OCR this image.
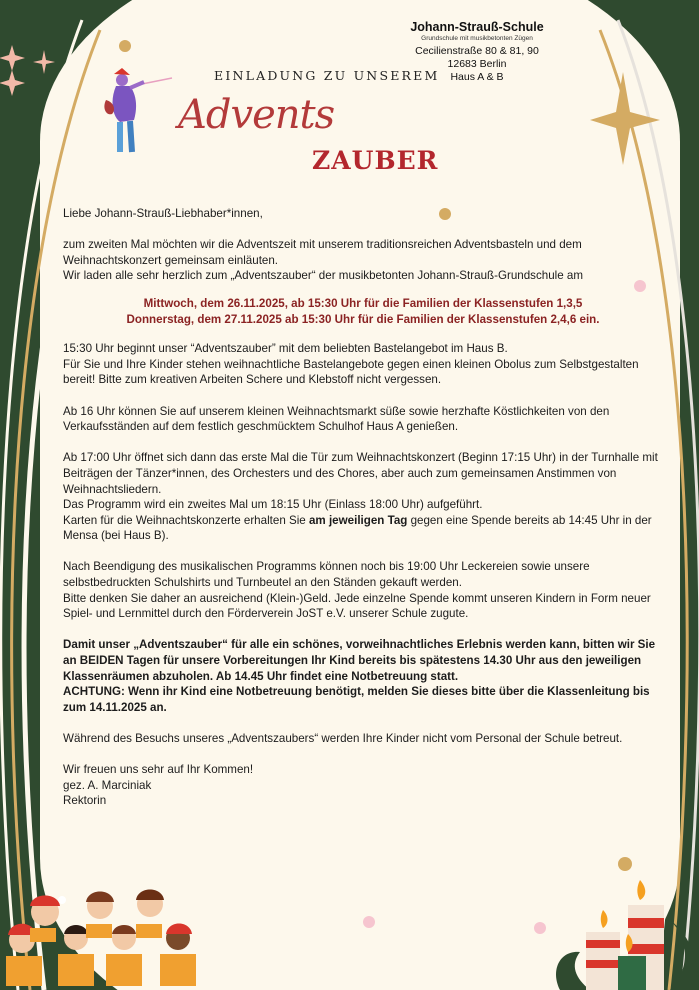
Johann-Strauß-Schule
Grundschule mit musikbetonten Zügen
Cecilienstraße 80 & 81, 90
12683 Berlin
Haus A & B
EINLADUNG ZU UNSEREM
Advents
ZAUBER

Liebe Johann-Strauß-Liebhaber*innen,

zum zweiten Mal möchten wir die Adventszeit mit unserem traditionsreichen Adventsbasteln und dem Weihnachtskonzert gemeinsam einläuten.

Wir laden alle sehr herzlich zum „Adventszauber“ der musikbetonten Johann-Strauß-Grundschule am

Mittwoch, dem 26.11.2025, ab 15:30 Uhr für die Familien der Klassenstufen 1,3,5

Donnerstag, dem 27.11.2025 ab 15:30 Uhr für die Familien der Klassenstufen 2,4,6 ein.

15:30 Uhr beginnt unser “Adventszauber” mit dem beliebten Bastelangebot im Haus B.

Für Sie und Ihre Kinder stehen weihnachtliche Bastelangebote gegen einen kleinen Obolus zum Selbstgestalten bereit! Bitte zum kreativen Arbeiten Schere und Klebstoff nicht vergessen.

Ab 16 Uhr können Sie auf unserem kleinen Weihnachtsmarkt süße sowie herzhafte Köstlichkeiten von den Verkaufsständen auf dem festlich geschmücktem Schulhof Haus A genießen.

Ab 17:00 Uhr öffnet sich dann das erste Mal die Tür zum Weihnachtskonzert (Beginn 17:15 Uhr) in der Turnhalle mit Beiträgen der Tänzer*innen, des Orchesters und des Chores, aber auch zum gemeinsamen Anstimmen von Weihnachtsliedern.

Das Programm wird ein zweites Mal um 18:15 Uhr (Einlass 18:00 Uhr) aufgeführt.

Karten für die Weihnachtskonzerte erhalten Sie am jeweiligen Tag gegen eine Spende bereits ab 14:45 Uhr in der Mensa (bei Haus B).

Nach Beendigung des musikalischen Programms können noch bis 19:00 Uhr Leckereien sowie unsere selbstbedruckten Schulshirts und Turnbeutel an den Ständen gekauft werden.

Bitte denken Sie daher an ausreichend (Klein-)Geld. Jede einzelne Spende kommt unseren Kindern in Form neuer Spiel- und Lernmittel durch den Förderverein JoST e.V. unserer Schule zugute.

Damit unser „Adventszauber“ für alle ein schönes, vorweihnachtliches Erlebnis werden kann, bitten wir Sie an BEIDEN Tagen für unsere Vorbereitungen Ihr Kind bereits bis spätestens 14.30 Uhr aus den jeweiligen Klassenräumen abzuholen. Ab 14.45 Uhr findet eine Notbetreuung statt.

ACHTUNG: Wenn ihr Kind eine Notbetreuung benötigt, melden Sie dieses bitte über die Klassenleitung bis zum 14.11.2025 an.

Während des Besuchs unseres „Adventszaubers“ werden Ihre Kinder nicht vom Personal der Schule betreut.

Wir freuen uns sehr auf Ihr Kommen!

gez. A. Marciniak

Rektorin
